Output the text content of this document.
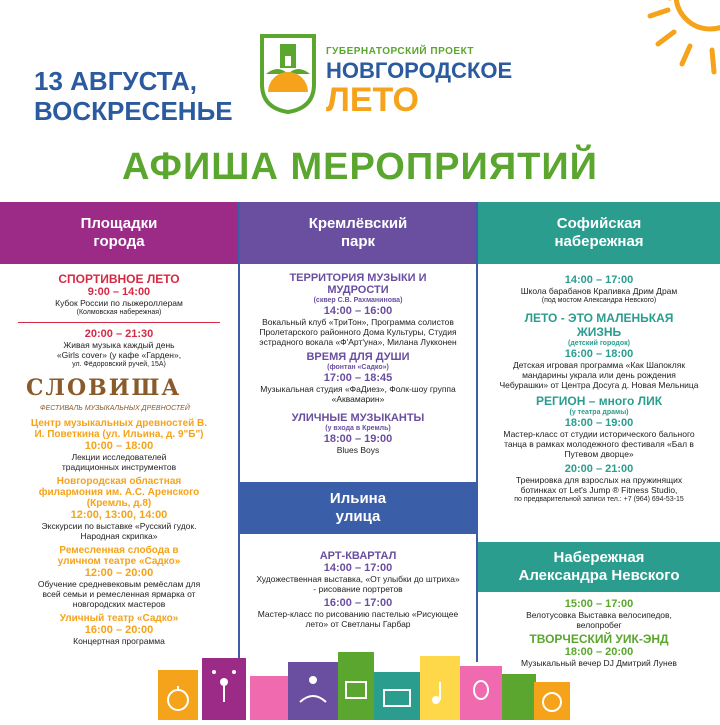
13 АВГУСТА,
ВОСКРЕСЕНЬЕ
ГУБЕРНАТОРСКИЙ ПРОЕКТ
НОВГОРОДСКОЕ
ЛЕТО
АФИША МЕРОПРИЯТИЙ
Площадки города
СПОРТИВНОЕ ЛЕТО
9:00 – 14:00
Кубок России по лыжероллерам
(Колмовская набережная)
20:00 – 21:30
Живая музыка каждый день
«Girls cover» (у кафе «Гарден»,
ул. Фёдоровский ручей, 15А)
СЛОВИША
ФЕСТИВАЛЬ МУЗЫКАЛЬНЫХ ДРЕВНОСТЕЙ
Центр музыкальных древностей В. И. Поветкина (ул. Ильина, д. 9"Б")
10:00 – 18:00
Лекции исследователей традиционных инструментов
Новгородская областная филармония им. А.С. Аренского (Кремль, д.8)
12:00, 13:00, 14:00
Экскурсии по выставке «Русский гудок. Народная скрипка»
Ремесленная слобода в уличном театре «Садко»
12:00 – 20:00
Обучение средневековым ремёслам для всей семьи и ремесленная ярмарка от новгородских мастеров
Уличный театр «Садко»
16:00 – 20:00
Концертная программа
Кремлёвский парк
ТЕРРИТОРИЯ МУЗЫКИ И МУДРОСТИ
(сквер С.В. Рахманинова)
14:00 – 16:00
Вокальный клуб «ТриТон», Программа солистов Пролетарского районного Дома Культуры, Студия эстрадного вокала «Ф'Арт'уна», Милана Лукконен
ВРЕМЯ ДЛЯ ДУШИ
(фонтан «Садко»)
17:00 – 18:45
Музыкальная студия «ФаДиез», Фолк-шоу группа «Аквамарин»
УЛИЧНЫЕ МУЗЫКАНТЫ
(у входа в Кремль)
18:00 – 19:00
Blues Boys
Ильина улица
АРТ-КВАРТАЛ
14:00 – 17:00
Художественная выставка, «От улыбки до штриха» - рисование портретов
16:00 – 17:00
Мастер-класс по рисованию пастелью «Рисующее лето» от Светланы Гарбар
Софийская набережная
14:00 – 17:00
Школа барабанов Крапивка Дрим Драм
(под мостом Александра Невского)
ЛЕТО - ЭТО МАЛЕНЬКАЯ ЖИЗНЬ
(детский городок)
16:00 – 18:00
Детская игровая программа «Как Шапокляк мандарины украла или день рождения Чебурашки» от Центра Досуга д. Новая Мельница
РЕГИОН – много ЛИК
(у театра драмы)
18:00 – 19:00
Мастер-класс от студии исторического бального танца в рамках молодежного фестиваля «Бал в Путевом дворце»
20:00 – 21:00
Тренировка для взрослых на пружинящих ботинках от Let's Jump ® Fitness Studio,
по предварительной записи тел.: +7 (964) 694-53-15
Набережная Александра Невского
15:00 – 17:00
Велотусовка Выставка велосипедов, велопробег
ТВОРЧЕСКИЙ УИК-ЭНД
18:00 – 20:00
Музыкальный вечер DJ Дмитрий Лунев
